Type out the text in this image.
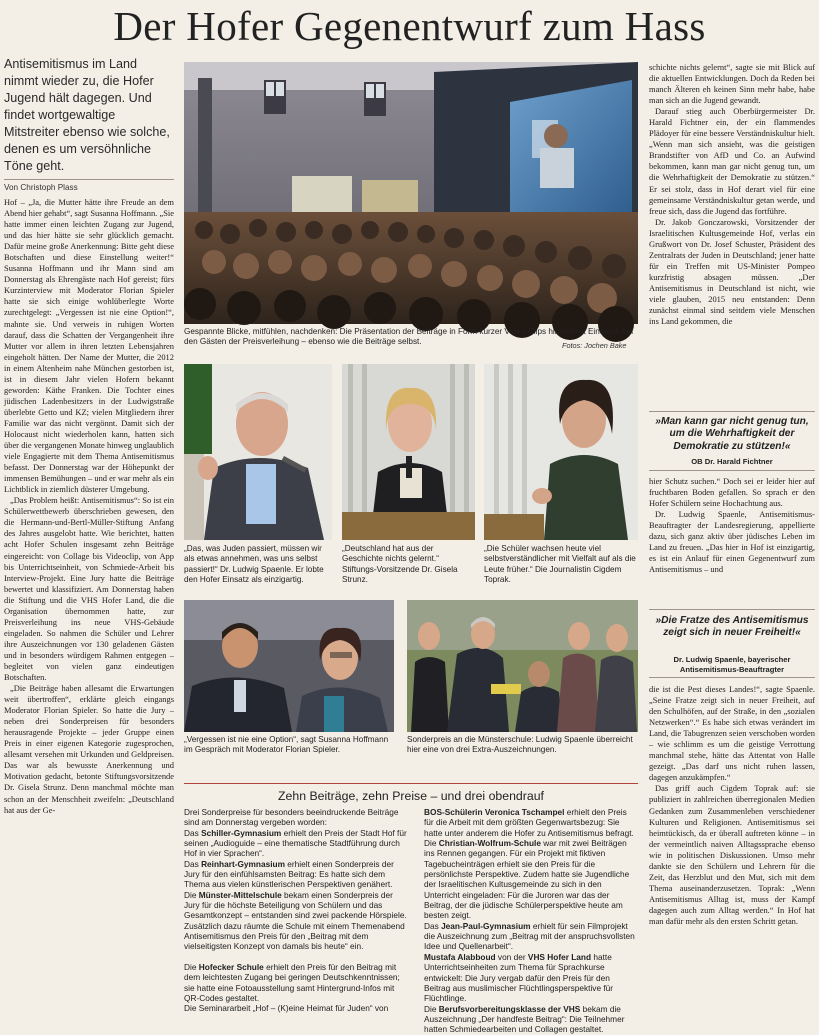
Der Hofer Gegenentwurf zum Hass

Antisemitismus im Land nimmt wieder zu, die Hofer Jugend hält dagegen. Und findet wortgewaltige Mitstreiter ebenso wie solche, denen es um versöhnliche Töne geht.

Von Christoph Plass

Hof – „Ja, die Mutter hätte ihre Freude an dem Abend hier gehabt“, sagt Susanna Hoffmann. „Sie hatte immer einen leichten Zugang zur Jugend, und das hier hätte sie sehr glücklich gemacht. Dafür meine große Anerkennung: Bitte geht diese Botschaften und diese Einstellung weiter!“ Susanna Hoffmann und ihr Mann sind am Donnerstag als Ehrengäste nach Hof gereist; fürs Kurzinterview mit Moderator Florian Spieler hatte sie sich einige wohlüberlegte Worte zurechtgelegt: „Vergessen ist nie eine Option!“, mahnte sie. Und verweis in ruhigen Worten darauf, dass die Schatten der Vergangenheit ihre Mutter vor allem in ihren letzten Lebensjahren eingeholt hätten. Der Name der Mutter, die 2012 in einem Altenheim nahe München gestorben ist, ist in diesem Jahr vielen Hofern bekannt geworden: Käthe Franken. Die Tochter eines jüdischen Ladenbesitzers in der Ludwigstraße überlebte Getto und KZ; vielen Mitgliedern ihrer Familie war das nicht vergönnt. Damit sich der Holocaust nicht wiederholen kann, hatten sich über die vergangenen Monate hinweg unglaublich viele Engagierte mit dem Thema Antisemitismus befasst. Der Donnerstag war der Höhepunkt der immensen Bemühungen – und er war mehr als ein Lichtblick in ziemlich düsterer Umgebung.

„Das Problem heißt: Antisemitismus“: So ist ein Schülerwettbewerb überschrieben gewesen, den die Hermann-und-Bertl-Müller-Stiftung Anfang des Jahres ausgelobt hatte. Wie berichtet, hatten acht Hofer Schulen insgesamt zehn Beiträge eingereicht: von Collage bis Videoclip, von App bis Unterrichtseinheit, von Schmiede-Arbeit bis Interview-Projekt. Eine Jury hatte die Beiträge bewertet und klassifiziert. Am Donnerstag haben die Stiftung und die VHS Hofer Land, die die Organisation übernommen hatte, zur Preisverleihung ins neue VHS-Gebäude eingeladen. So nahmen die Schüler und Lehrer ihre Auszeichnungen vor 130 geladenen Gästen und in besonders würdigem Rahmen entgegen – begleitet von vielen ganz eindeutigen Botschaften.

„Die Beiträge haben allesamt die Erwartungen weit übertroffen“, erklärte gleich eingangs Moderator Florian Spieler. So hatte die Jury – neben drei Sonderpreisen für besonders herausragende Projekte – jeder Gruppe einen Preis in einer eigenen Kategorie zugesprochen, allesamt versehen mit Urkunden und Geldpreisen. Das war als bewusste Anerkennung und Motivation gedacht, betonte Stiftungsvorsitzende Dr. Gisela Strunz. Denn manchmal möchte man schon an der Menschheit zweifeln: „Deutschland hat aus der Ge-

Gespannte Blicke, mitfühlen, nachdenken: Die Präsentation der Beiträge in Form kurzer Video-Clips hinterlässt Eindruck bei den Gästen der Preisverleihung – ebenso wie die Beiträge selbst.	Fotos: Jochen Bake

„Das, was Juden passiert, müssen wir als etwas annehmen, was uns selbst passiert!“ Dr. Ludwig Spaenle. Er lobte den Hofer Einsatz als einzigartig.

„Deutschland hat aus der Geschichte nichts gelernt.“ Stiftungs-Vorsitzende Dr. Gisela Strunz.

„Die Schüler wachsen heute viel selbstverständlicher mit Vielfalt auf als die Leute früher.“ Die Journalistin Cigdem Toprak.

„Vergessen ist nie eine Option“, sagt Susanna Hoffmann im Gespräch mit Moderator Florian Spieler.

Sonderpreis an die Münsterschule: Ludwig Spaenle überreicht hier eine von drei Extra-Auszeichnungen.

Zehn Beiträge, zehn Preise – und drei obendrauf
Drei Sonderpreise für besonders beeindruckende Beiträge sind am Donnerstag vergeben worden:
Das Schiller-Gymnasium erhielt den Preis der Stadt Hof für seinen „Audioguide – eine thematische Stadtführung durch Hof in vier Sprachen“.
Das Reinhart-Gymnasium erhielt einen Sonderpreis der Jury für den einfühlsamsten Beitrag: Es hatte sich dem Thema aus vielen künstlerischen Perspektiven genähert.
Die Münster-Mittelschule bekam einen Sonderpreis der Jury für die höchste Beteiligung von Schülern und das Gesamtkonzept – entstanden sind zwei packende Hörspiele. Zusätzlich dazu räumte die Schule mit einem Themenabend Antisemitismus den Preis für den „Beitrag mit dem vielseitigsten Konzept von damals bis heute“ ein.
Die Hofecker Schule erhielt den Preis für den Beitrag mit dem leichtesten Zugang bei geringen Deutschkenntnissen; sie hatte eine Fotoausstellung samt Hintergrund-Infos mit QR-Codes gestaltet.
Die Seminararbeit „Hof – (K)eine Heimat für Juden“ von
BOS-Schülerin Veronica Tschampel erhielt den Preis für die Arbeit mit dem größten Gegenwartsbezug: Sie hatte unter anderem die Hofer zu Antisemitismus befragt.
Die Christian-Wolfrum-Schule war mit zwei Beiträgen ins Rennen gegangen. Für ein Projekt mit fiktiven Tagebucheinträgen erhielt sie den Preis für die persönlichste Perspektive. Zudem hatte sie Jugendliche der Israelitischen Kultusgemeinde zu sich in den Unterricht eingeladen: Für die Juroren war das der Beitrag, der die jüdische Schülerperspektive heute am besten zeigt.
Das Jean-Paul-Gymnasium erhielt für sein Filmprojekt die Auszeichnung zum „Beitrag mit der anspruchsvollsten Idee und Quellenarbeit“.
Mustafa Alabboud von der VHS Hofer Land hatte Unterrichtseinheiten zum Thema für Sprachkurse entwickelt: Die Jury vergab dafür den Preis für den Beitrag aus muslimischer Flüchtlingsperspektive für Flüchtlinge.
Die Berufsvorbereitungsklasse der VHS bekam die Auszeichnung „Der handfeste Beitrag“: Die Teilnehmer hatten Schmiedearbeiten und Collagen gestaltet.

schichte nichts gelernt“, sagte sie mit Blick auf die aktuellen Entwicklungen. Doch da Reden bei manch Älteren eh keinen Sinn mehr habe, habe man sich an die Jugend gewandt.

Darauf stieg auch Oberbürgermeister Dr. Harald Fichtner ein, der ein flammendes Plädoyer für eine bessere Verständniskultur hielt. „Wenn man sich ansieht, was die geistigen Brandstifter von AfD und Co. an Aufwind bekommen, kann man gar nicht genug tun, um die Wehrhaftigkeit der Demokratie zu stützen.“ Er sei stolz, dass in Hof derart viel für eine gemeinsame Verständniskultur getan werde, und freue sich, dass die Jugend das fortführe.

Dr. Jakob Gonczarowski, Vorsitzender der Israelitischen Kultusgemeinde Hof, verlas ein Grußwort von Dr. Josef Schuster, Präsident des Zentralrats der Juden in Deutschland; jener hatte für ein Treffen mit US-Minister Pompeo kurzfristig absagen müssen. „Der Antisemitismus in Deutschland ist nicht, wie viele glauben, 2015 neu entstanden: Denn zunächst einmal sind seitdem viele Menschen ins Land gekommen, die

»Man kann gar nicht genug tun, um die Wehrhaftigkeit der Demokratie zu stützen!«

OB Dr. Harald Fichtner

hier Schutz suchen.“ Doch sei er leider hier auf fruchtbaren Boden gefallen. So sprach er den Hofer Schülern seine Hochachtung aus.

Dr. Ludwig Spaenle, Antisemitismus-Beauftragter der Landesregierung, appellierte dazu, sich ganz aktiv über jüdisches Leben im Land zu freuen. „Das hier in Hof ist einzigartig, es ist ein Anlauf für einen Gegenentwurf zum Antisemitismus – und

»Die Fratze des Antisemitismus zeigt sich in neuer Freiheit!«

Dr. Ludwig Spaenle, bayerischer Antisemitismus-Beauftragter

die ist die Pest dieses Landes!“, sagte Spaenle. „Seine Fratze zeigt sich in neuer Freiheit, auf den Schulhöfen, auf der Straße, in den „sozialen Netzwerken“.“ Es habe sich etwas verändert im Land, die Tabugrenzen seien verschoben worden – wie schlimm es um die geistige Verrottung manchmal stehe, hätte das Attentat von Halle gezeigt. „Das darf uns nicht ruhen lassen, dagegen anzukämpfen.“

Das griff auch Cigdem Toprak auf: sie publiziert in zahlreichen überregionalen Medien Gedanken zum Zusammenleben verschiedener Kulturen und Religionen. Antisemitismus sei heimtückisch, da er überall auftreten könne – in der vermeintlich naiven Alltagssprache ebenso wie in politischen Diskussionen. Umso mehr dankte sie den Schülern und Lehrern für die Zeit, das Herzblut und den Mut, sich mit dem Thema auseinanderzusetzen. Toprak: „Wenn Antisemitismus Alltag ist, muss der Kampf dagegen auch zum Alltag werden.“ In Hof hat man dafür mehr als den ersten Schritt getan.
